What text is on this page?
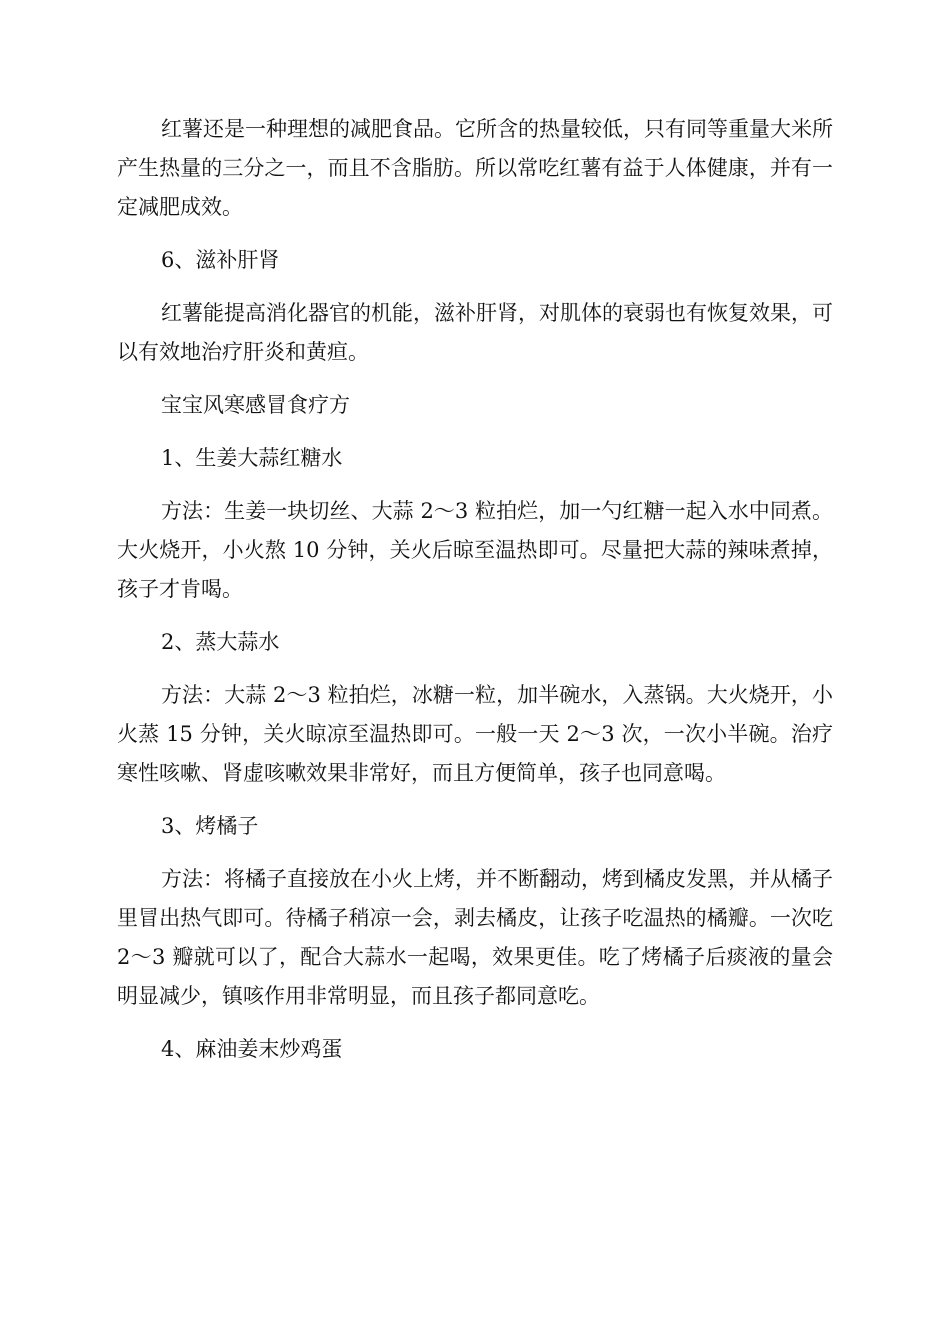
红薯还是一种理想的减肥食品。它所含的热量较低，只有同等重量大米所产生热量的三分之一，而且不含脂肪。所以常吃红薯有益于人体健康，并有一定减肥成效。

6、滋补肝肾

红薯能提高消化器官的机能，滋补肝肾，对肌体的衰弱也有恢复效果，可以有效地治疗肝炎和黄疸。

宝宝风寒感冒食疗方

1、生姜大蒜红糖水

方法：生姜一块切丝、大蒜 2～3 粒拍烂，加一勺红糖一起入水中同煮。大火烧开，小火熬 10 分钟，关火后晾至温热即可。尽量把大蒜的辣味煮掉，孩子才肯喝。

2、蒸大蒜水

方法：大蒜 2～3 粒拍烂，冰糖一粒，加半碗水，入蒸锅。大火烧开，小火蒸 15 分钟，关火晾凉至温热即可。一般一天 2～3 次，一次小半碗。治疗寒性咳嗽、肾虚咳嗽效果非常好，而且方便简单，孩子也同意喝。

3、烤橘子

方法：将橘子直接放在小火上烤，并不断翻动，烤到橘皮发黑，并从橘子里冒出热气即可。待橘子稍凉一会，剥去橘皮，让孩子吃温热的橘瓣。一次吃 2～3 瓣就可以了，配合大蒜水一起喝，效果更佳。吃了烤橘子后痰液的量会明显减少，镇咳作用非常明显，而且孩子都同意吃。

4、麻油姜末炒鸡蛋
